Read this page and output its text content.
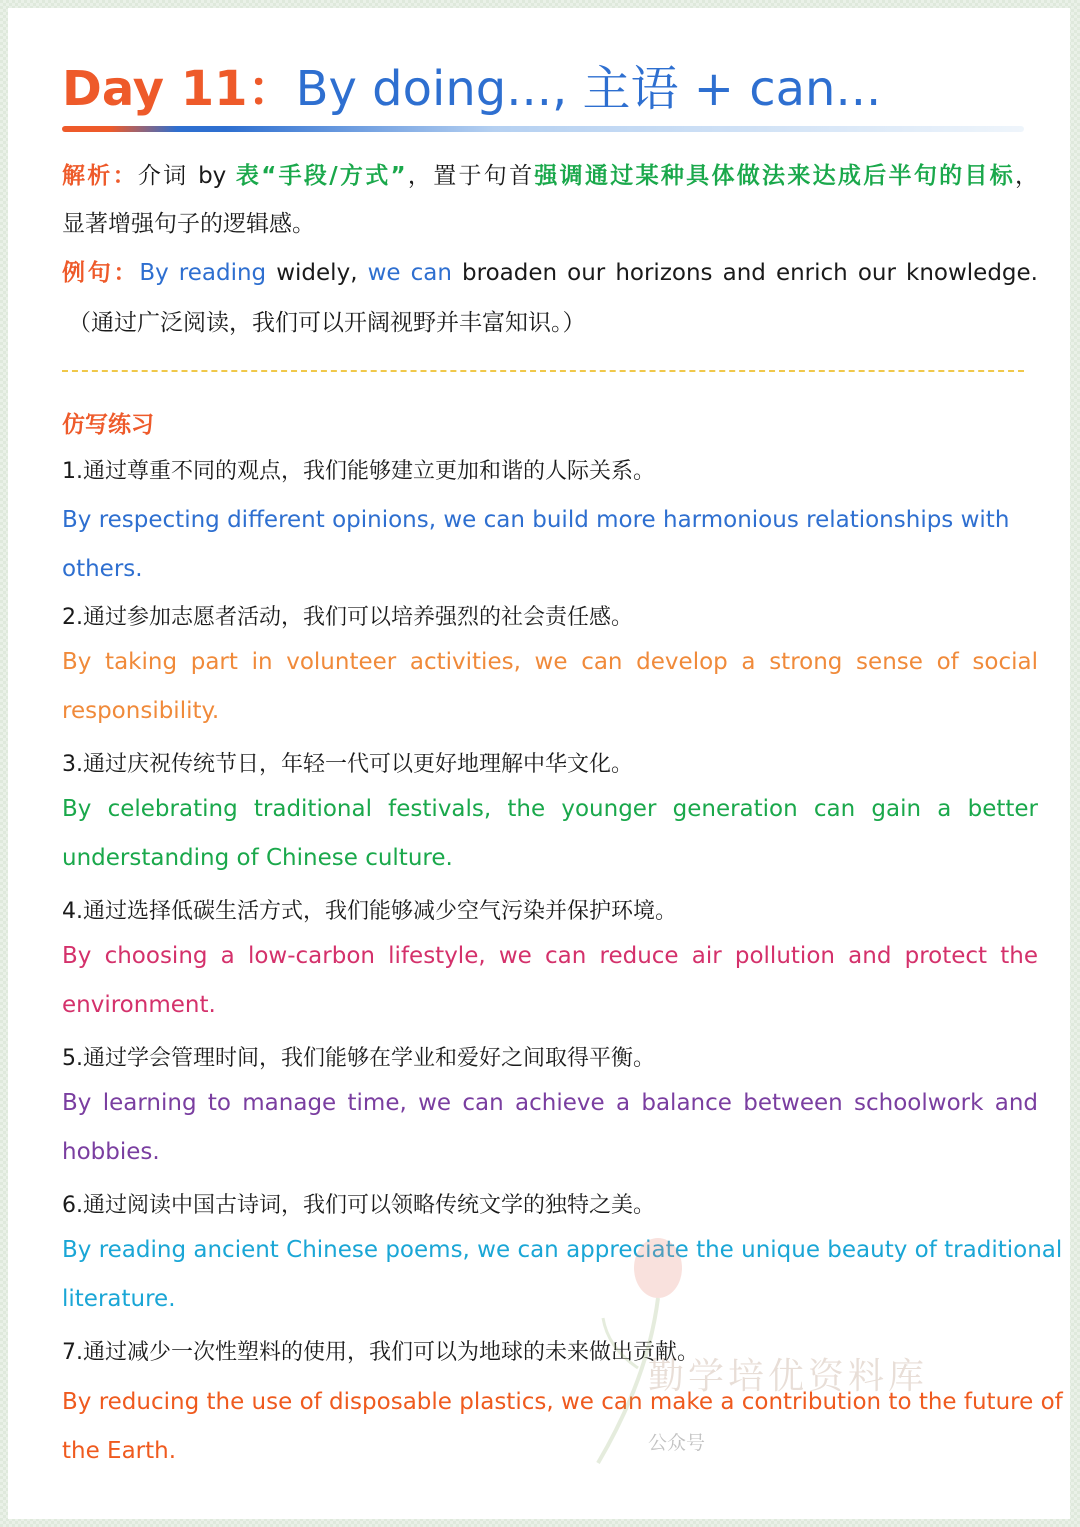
Day 11：By doing..., 主语 + can...

解析：介词 by 表“手段/方式”，置于句首强调通过某种具体做法来达成后半句的目标，

显著增强句子的逻辑感。

例句：By reading widely, we can broaden our horizons and enrich our knowledge.

（通过广泛阅读，我们可以开阔视野并丰富知识。）

仿写练习

1.通过尊重不同的观点，我们能够建立更加和谐的人际关系。

By respecting different opinions, we can build more harmonious relationships with

others.

2.通过参加志愿者活动，我们可以培养强烈的社会责任感。

By taking part in volunteer activities, we can develop a strong sense of social

responsibility.

3.通过庆祝传统节日，年轻一代可以更好地理解中华文化。

By celebrating traditional festivals, the younger generation can gain a better

understanding of Chinese culture.

4.通过选择低碳生活方式，我们能够减少空气污染并保护环境。

By choosing a low-carbon lifestyle, we can reduce air pollution and protect the

environment.

5.通过学会管理时间，我们能够在学业和爱好之间取得平衡。

By learning to manage time, we can achieve a balance between schoolwork and

hobbies.

6.通过阅读中国古诗词，我们可以领略传统文学的独特之美。

By reading ancient Chinese poems, we can appreciate the unique beauty of traditional

literature.

7.通过减少一次性塑料的使用，我们可以为地球的未来做出贡献。

By reducing the use of disposable plastics, we can make a contribution to the future of

the Earth.

勤学培优资料库
公众号
